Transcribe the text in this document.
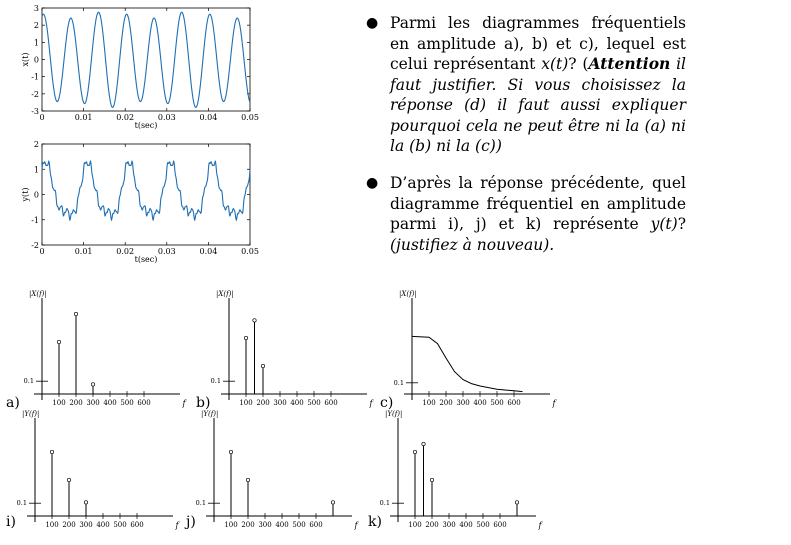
0	0.01	0.02	0.03	0.04	0.05
3
2
1
0
-1
-2
-3
t(sec)
x(t)
0	0.01	0.02	0.03	0.04	0.05
2
1
0
-1
-2
t(sec)
y(t)
100 200 300 400 500 600	f
|X(f)|
0.1
a)	100 200 300 400 500 600	f
|X(f)|
0.1
b)	100 200 300 400 500 600	f
|X(f)|
0.1
c)
100 200 300 400 500 600	f
|Y(f)|
0.1
i)	100 200 300 400 500 600	f
|Y(f)|
0.1
j)	100 200 300 400 500 600	f
|Y(f)|
0.1
k)
● Parmi les diagrammes fréquentiels en amplitude a), b) et c), lequel est celui représentant x(t)? (Attention il faut justifier. Si vous choisissez la réponse (d) il faut aussi expliquer pourquoi cela ne peut être ni la (a) ni la (b) ni la (c))
● D’après la réponse précédente, quel diagramme fréquentiel en amplitude parmi i), j) et k) représente y(t)? (justifiez à nouveau).
